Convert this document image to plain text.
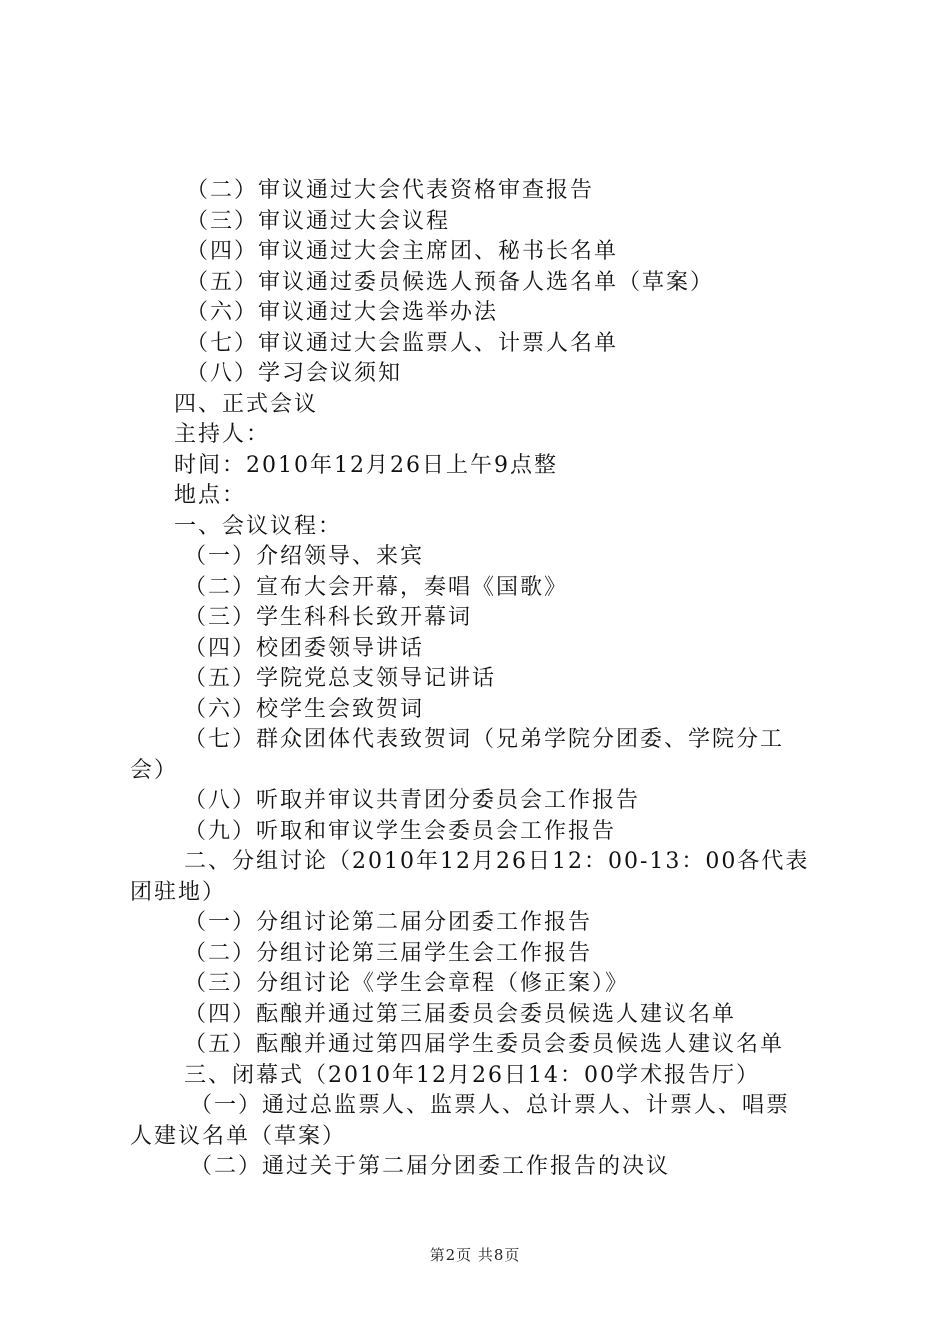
（二）审议通过大会代表资格审查报告
（三）审议通过大会议程
（四）审议通过大会主席团、秘书长名单
（五）审议通过委员候选人预备人选名单（草案）
（六）审议通过大会选举办法
（七）审议通过大会监票人、计票人名单
（八）学习会议须知
四、正式会议
主持人：
时间：2010年12月26日上午9点整
地点：
一、会议议程：
（一）介绍领导、来宾
（二）宣布大会开幕，奏唱《国歌》
（三）学生科科长致开幕词
（四）校团委领导讲话
（五）学院党总支领导记讲话
（六）校学生会致贺词
（七）群众团体代表致贺词（兄弟学院分团委、学院分工
会）
（八）听取并审议共青团分委员会工作报告
（九）听取和审议学生会委员会工作报告
二、分组讨论（2010年12月26日12：00-13：00各代表
团驻地）
（一）分组讨论第二届分团委工作报告
（二）分组讨论第三届学生会工作报告
（三）分组讨论《学生会章程（修正案）》
（四）酝酿并通过第三届委员会委员候选人建议名单
（五）酝酿并通过第四届学生委员会委员候选人建议名单
三、闭幕式（2010年12月26日14：00学术报告厅）
（一）通过总监票人、监票人、总计票人、计票人、唱票
人建议名单（草案）
（二）通过关于第二届分团委工作报告的决议
第2页 共8页
